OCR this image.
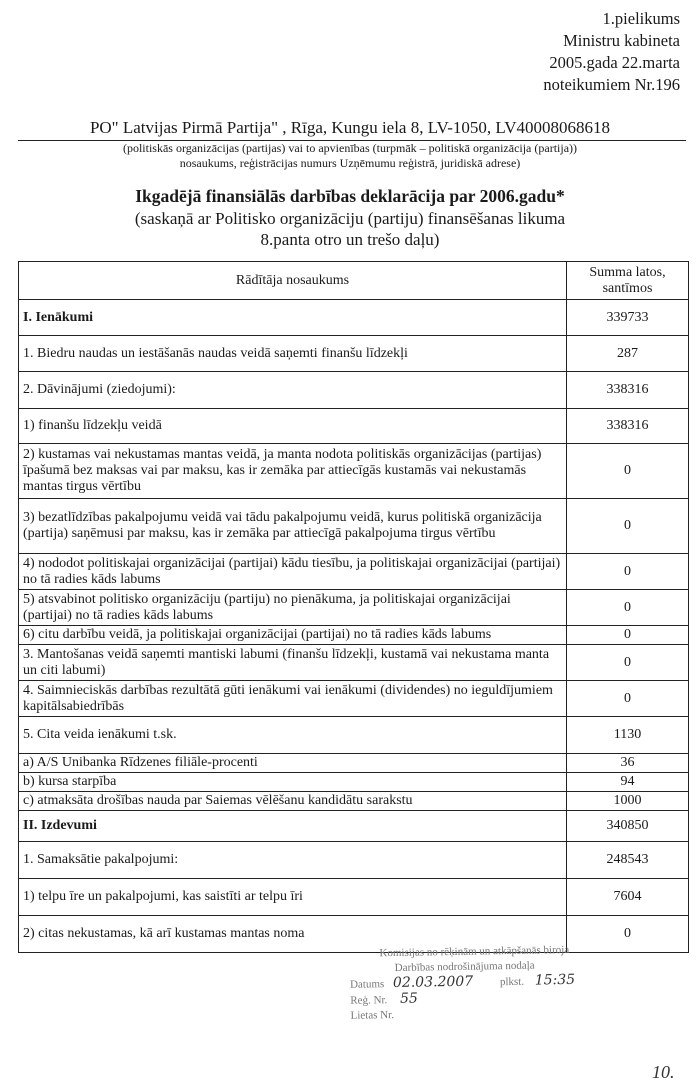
1.pielikums
Ministru kabineta
2005.gada 22.marta
noteikumiem Nr.196
PO" Latvijas Pirmā Partija" , Rīga, Kungu iela 8, LV-1050, LV40008068618
(politiskās organizācijas (partijas) vai to apvienības (turpmāk – politiskā organizācija (partija))
nosaukums, reģistrācijas numurs Uzņēmumu reģistrā, juridiskā adrese)
Ikgadējā finansiālās darbības deklarācija par 2006.gadu*
(saskaņā ar Politisko organizāciju (partiju) finansēšanas likuma
8.panta otro un trešo daļu)
Rādītāja nosaukums	Summa latos, santīmos
I. Ienākumi	339733
1. Biedru naudas un iestāšanās naudas veidā saņemti finanšu līdzekļi	287
2. Dāvinājumi (ziedojumi):	338316
1) finanšu līdzekļu veidā	338316
2) kustamas vai nekustamas mantas veidā, ja manta nodota politiskās organizācijas (partijas) īpašumā bez maksas vai par maksu, kas ir zemāka par attiecīgās kustamās vai nekustamās mantas tirgus vērtību	0
3) bezatlīdzības pakalpojumu veidā vai tādu pakalpojumu veidā, kurus politiskā organizācija (partija) saņēmusi par maksu, kas ir zemāka par attiecīgā pakalpojuma tirgus vērtību	0
4) nododot politiskajai organizācijai (partijai) kādu tiesību, ja politiskajai organizācijai (partijai) no tā radies kāds labums	0
5) atsvabinot politisko organizāciju (partiju) no pienākuma, ja politiskajai organizācijai (partijai) no tā radies kāds labums	0
6) citu darbību veidā, ja politiskajai organizācijai (partijai) no tā radies kāds labums	0
3. Mantošanas veidā saņemti mantiski labumi (finanšu līdzekļi, kustamā vai nekustama manta un citi labumi)	0
4. Saimnieciskās darbības rezultātā gūti ienākumi vai ienākumi (dividendes) no ieguldījumiem kapitālsabiedrībās	0
5. Cita veida ienākumi t.sk.	1130
a) A/S Unibanka Rīdzenes filiāle-procenti	36
b) kursa starpība	94
c) atmaksāta drošības nauda par Saiemas vēlēšanu kandidātu sarakstu	1000
II. Izdevumi	340850
1. Samaksātie pakalpojumi:	248543
1) telpu īre un pakalpojumi, kas saistīti ar telpu īri	7604
2) citas nekustamas, kā arī kustamas mantas noma	0
Komisijas no rēķinām un atkāpšanās biroja
Darbības nodrošinājuma nodaļa
Datums 02.03.2007 plkst. 15:35
Reģ. Nr. 55
Lietas Nr.
10.
